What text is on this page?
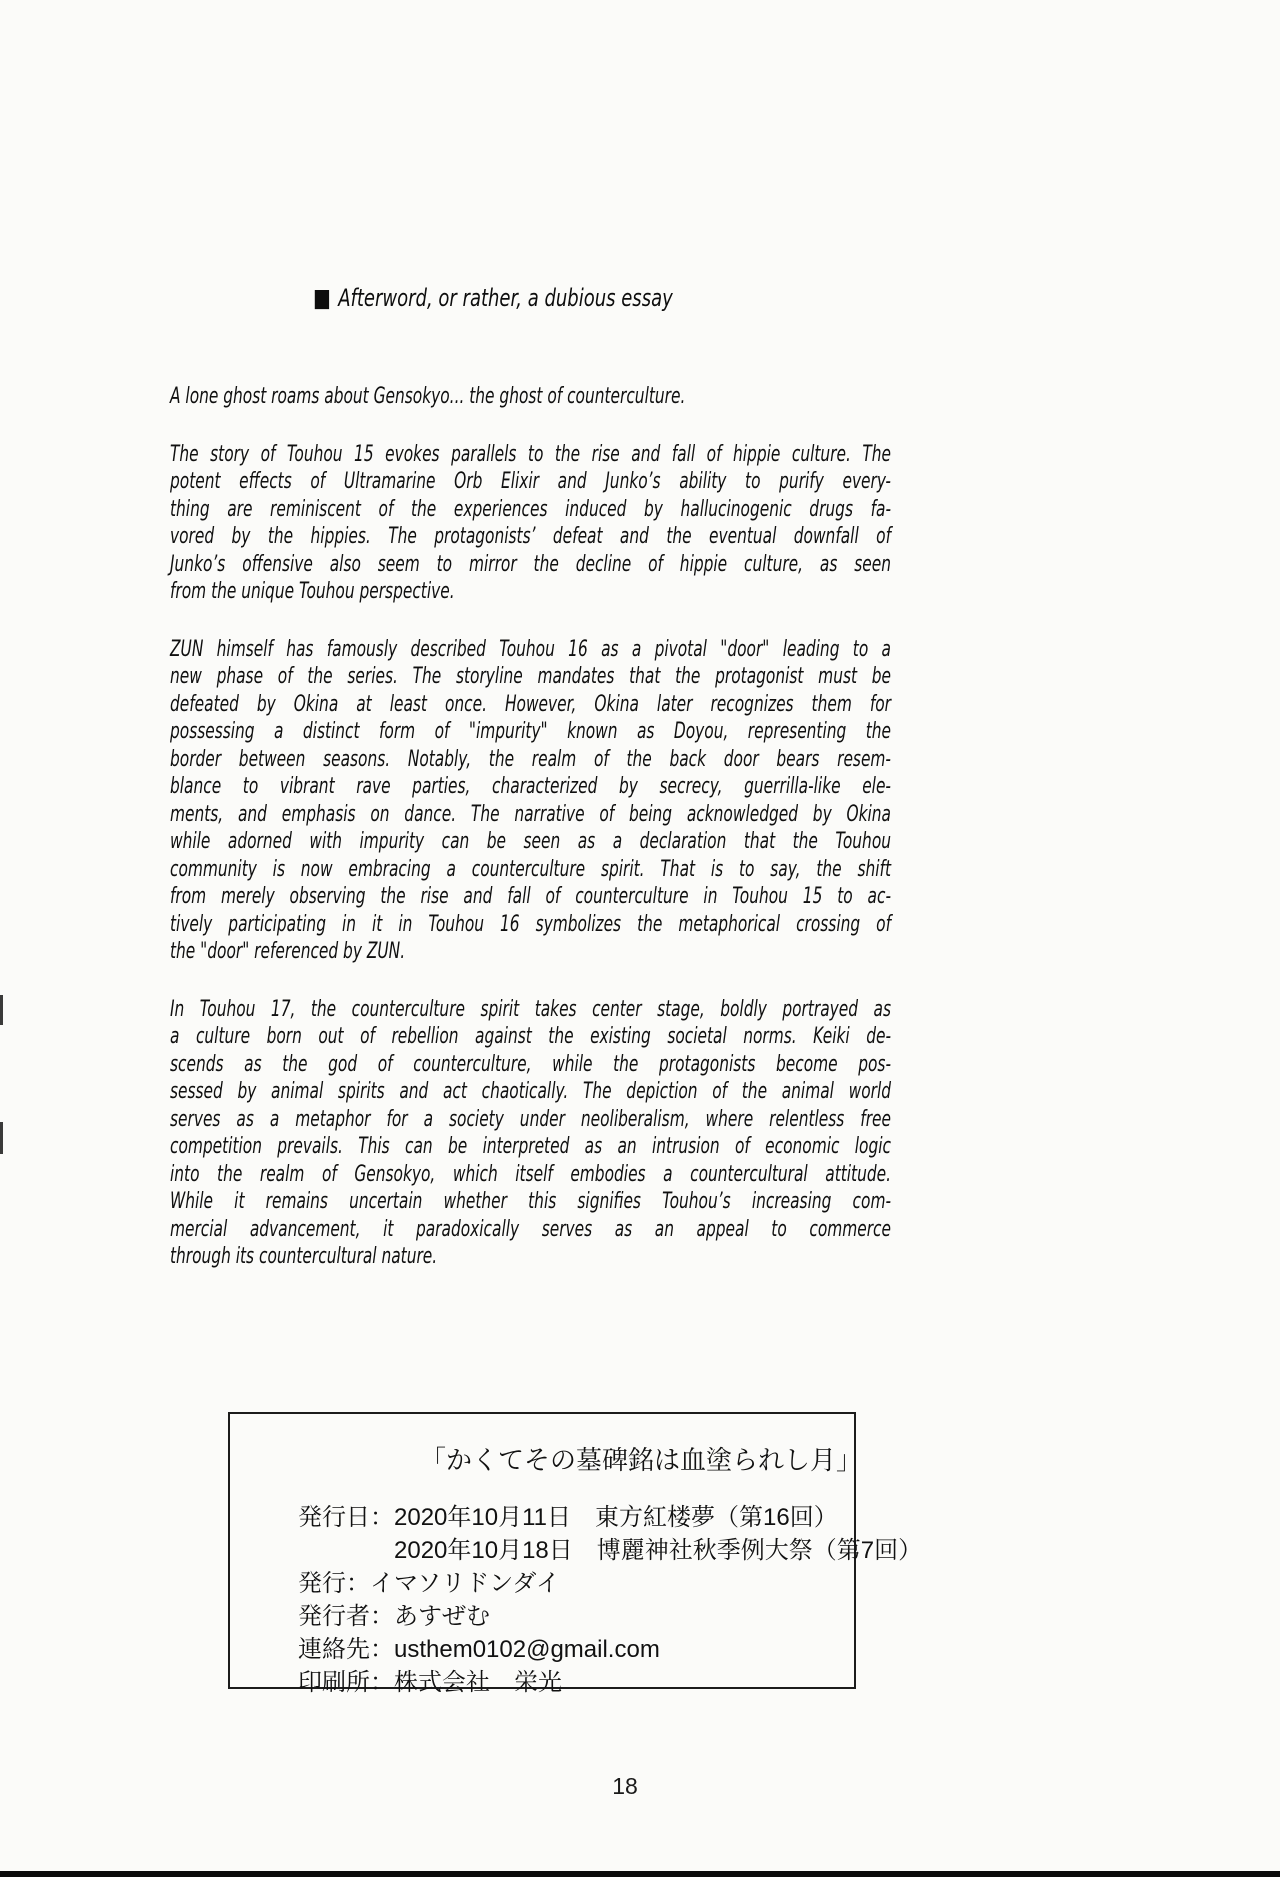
■ Afterword, or rather, a dubious essay
A lone ghost roams about Gensokyo... the ghost of counterculture.
The story of Touhou 15 evokes parallels to the rise and fall of hippie culture. The
potent effects of Ultramarine Orb Elixir and Junko’s ability to purify every-
thing are reminiscent of the experiences induced by hallucinogenic drugs fa-
vored by the hippies. The protagonists’ defeat and the eventual downfall of
Junko’s offensive also seem to mirror the decline of hippie culture, as seen
from the unique Touhou perspective.
ZUN himself has famously described Touhou 16 as a pivotal "door" leading to a
new phase of the series. The storyline mandates that the protagonist must be
defeated by Okina at least once. However, Okina later recognizes them for
possessing a distinct form of "impurity" known as Doyou, representing the
border between seasons. Notably, the realm of the back door bears resem-
blance to vibrant rave parties, characterized by secrecy, guerrilla-like ele-
ments, and emphasis on dance. The narrative of being acknowledged by Okina
while adorned with impurity can be seen as a declaration that the Touhou
community is now embracing a counterculture spirit. That is to say, the shift
from merely observing the rise and fall of counterculture in Touhou 15 to ac-
tively participating in it in Touhou 16 symbolizes the metaphorical crossing of
the "door" referenced by ZUN.
In Touhou 17, the counterculture spirit takes center stage, boldly portrayed as
a culture born out of rebellion against the existing societal norms. Keiki de-
scends as the god of counterculture, while the protagonists become pos-
sessed by animal spirits and act chaotically. The depiction of the animal world
serves as a metaphor for a society under neoliberalism, where relentless free
competition prevails. This can be interpreted as an intrusion of economic logic
into the realm of Gensokyo, which itself embodies a countercultural attitude.
While it remains uncertain whether this signifies Touhou’s increasing com-
mercial advancement, it paradoxically serves as an appeal to commerce
through its countercultural nature.
「かくてその墓碑銘は血塗られし月」
発行日：2020年10月11日　東方紅楼夢（第16回）
　　　　2020年10月18日　博麗神社秋季例大祭（第7回）
発行：イマソリドンダイ
発行者：あすぜむ
連絡先：usthem0102@gmail.com
印刷所：株式会社　栄光
18
